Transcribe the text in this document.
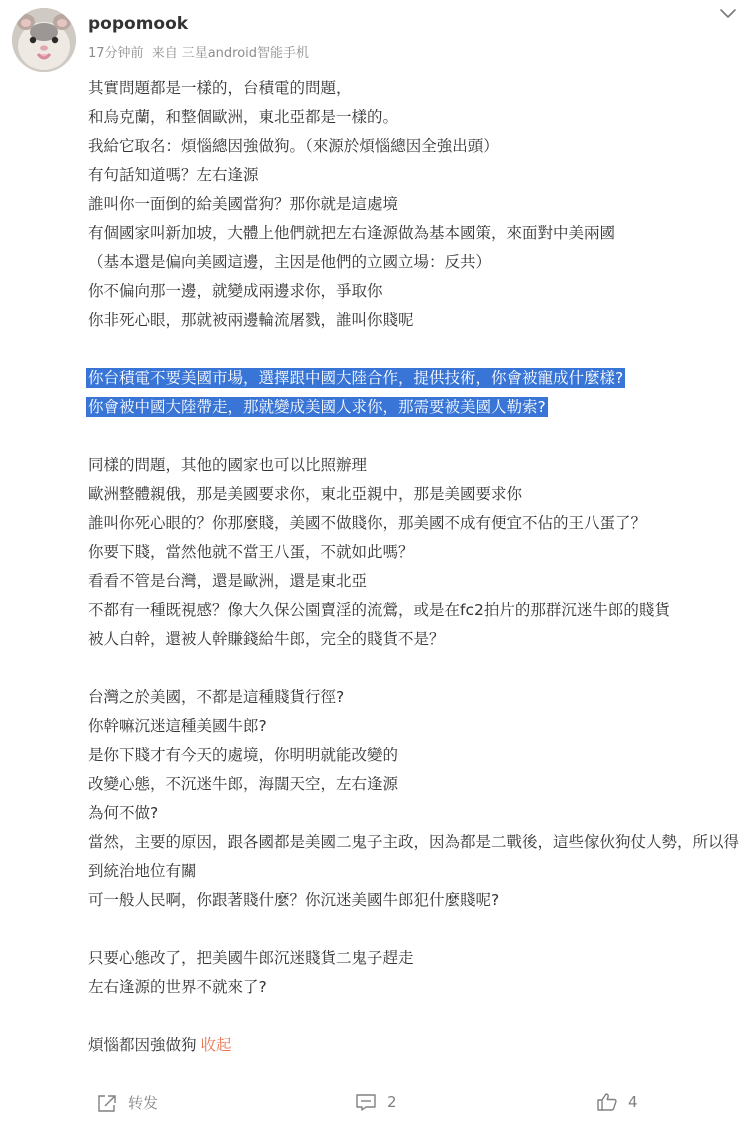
popomook
17分钟前 来自 三星android智能手机
其實問題都是一樣的，台積電的問題，
和烏克蘭，和整個歐洲，東北亞都是一樣的。
我給它取名：煩惱總因強做狗。（來源於煩惱總因全強出頭）
有句話知道嗎？左右逢源
誰叫你一面倒的給美國當狗？那你就是這處境
有個國家叫新加坡，大體上他們就把左右逢源做為基本國策，來面對中美兩國
（基本還是偏向美國這邊，主因是他們的立國立場：反共）
你不偏向那一邊，就變成兩邊求你，爭取你
你非死心眼，那就被兩邊輪流屠戮，誰叫你賤呢
你台積電不要美國市場，選擇跟中國大陸合作，提供技術，你會被寵成什麼樣?
你會被中國大陸帶走，那就變成美國人求你，那需要被美國人勒索?
同樣的問題，其他的國家也可以比照辦理
歐洲整體親俄，那是美國要求你，東北亞親中，那是美國要求你
誰叫你死心眼的？你那麼賤，美國不做賤你，那美國不成有便宜不佔的王八蛋了？
你要下賤，當然他就不當王八蛋，不就如此嗎？
看看不管是台灣，還是歐洲，還是東北亞
不都有一種既視感？像大久保公園賣淫的流鶯，或是在fc2拍片的那群沉迷牛郎的賤貨
被人白幹，還被人幹賺錢給牛郎，完全的賤貨不是？
台灣之於美國，不都是這種賤貨行徑?
你幹嘛沉迷這種美國牛郎?
是你下賤才有今天的處境，你明明就能改變的
改變心態，不沉迷牛郎，海闊天空，左右逢源
為何不做?
當然，主要的原因，跟各國都是美國二鬼子主政，因為都是二戰後，這些傢伙狗仗人勢，所以得到統治地位有關
可一般人民啊，你跟著賤什麼？你沉迷美國牛郎犯什麼賤呢?
只要心態改了，把美國牛郎沉迷賤貨二鬼子趕走
左右逢源的世界不就來了?
煩惱都因強做狗 收起
转发	2	4
